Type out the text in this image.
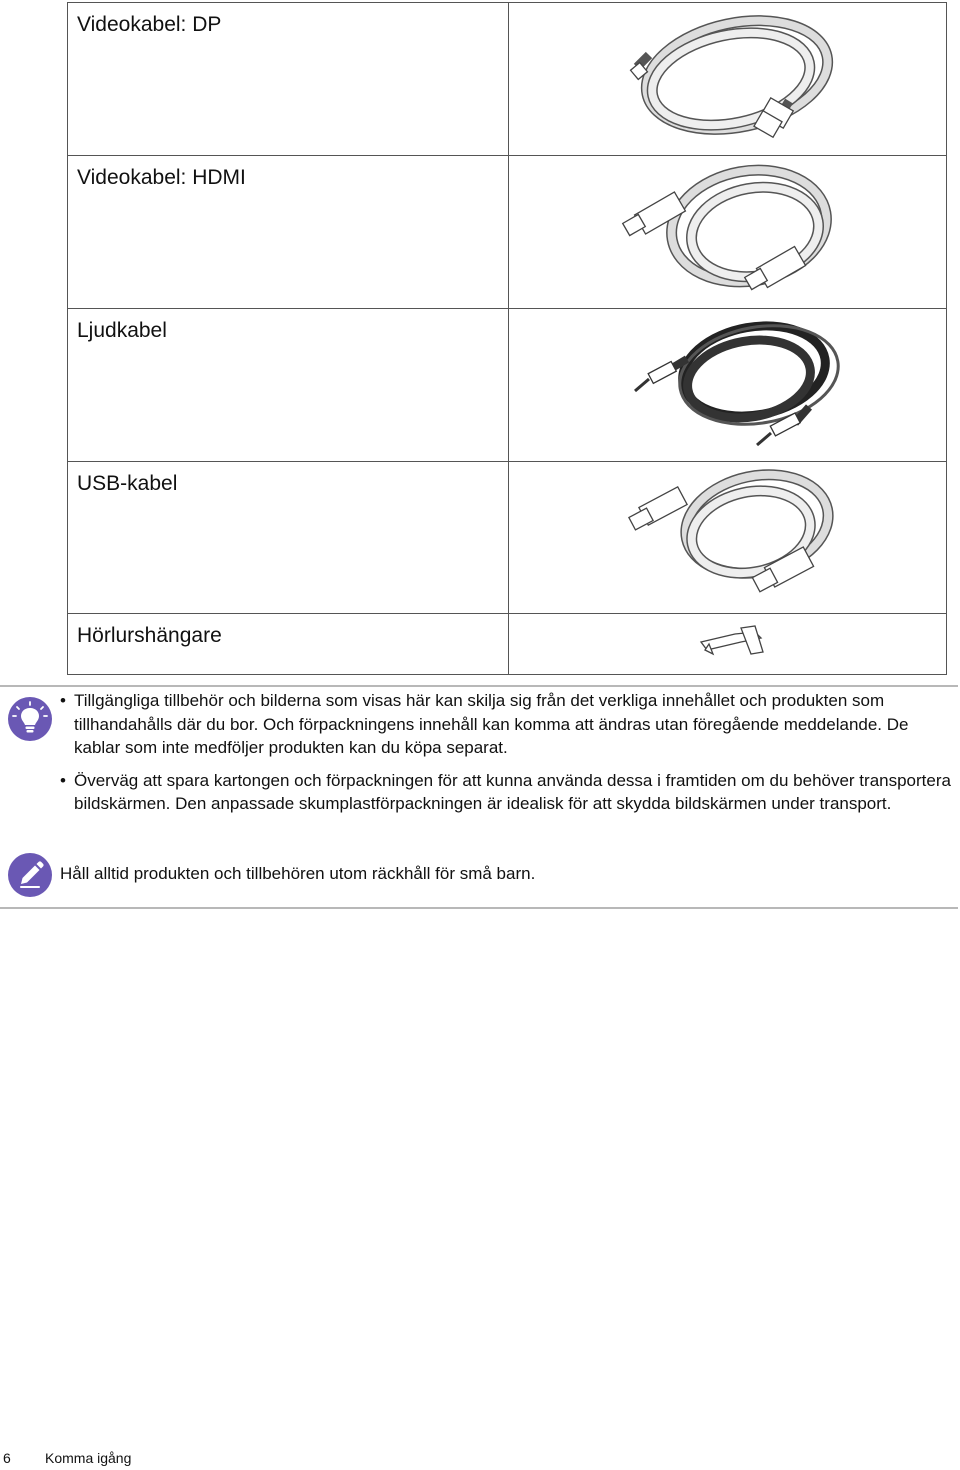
Videokabel: DP	

Videokabel: HDMI	

Ljudkabel	

USB-kabel	

Hörlurshängare	

• Tillgängliga tillbehör och bilderna som visas här kan skilja sig från det verkliga innehållet och produkten som tillhandahålls där du bor. Och förpackningens innehåll kan komma att ändras utan föregående meddelande. De kablar som inte medföljer produkten kan du köpa separat.

• Överväg att spara kartongen och förpackningen för att kunna använda dessa i framtiden om du behöver transportera bildskärmen. Den anpassade skumplastförpackningen är idealisk för att skydda bildskärmen under transport.

Håll alltid produkten och tillbehören utom räckhåll för små barn.
6 Komma igång
